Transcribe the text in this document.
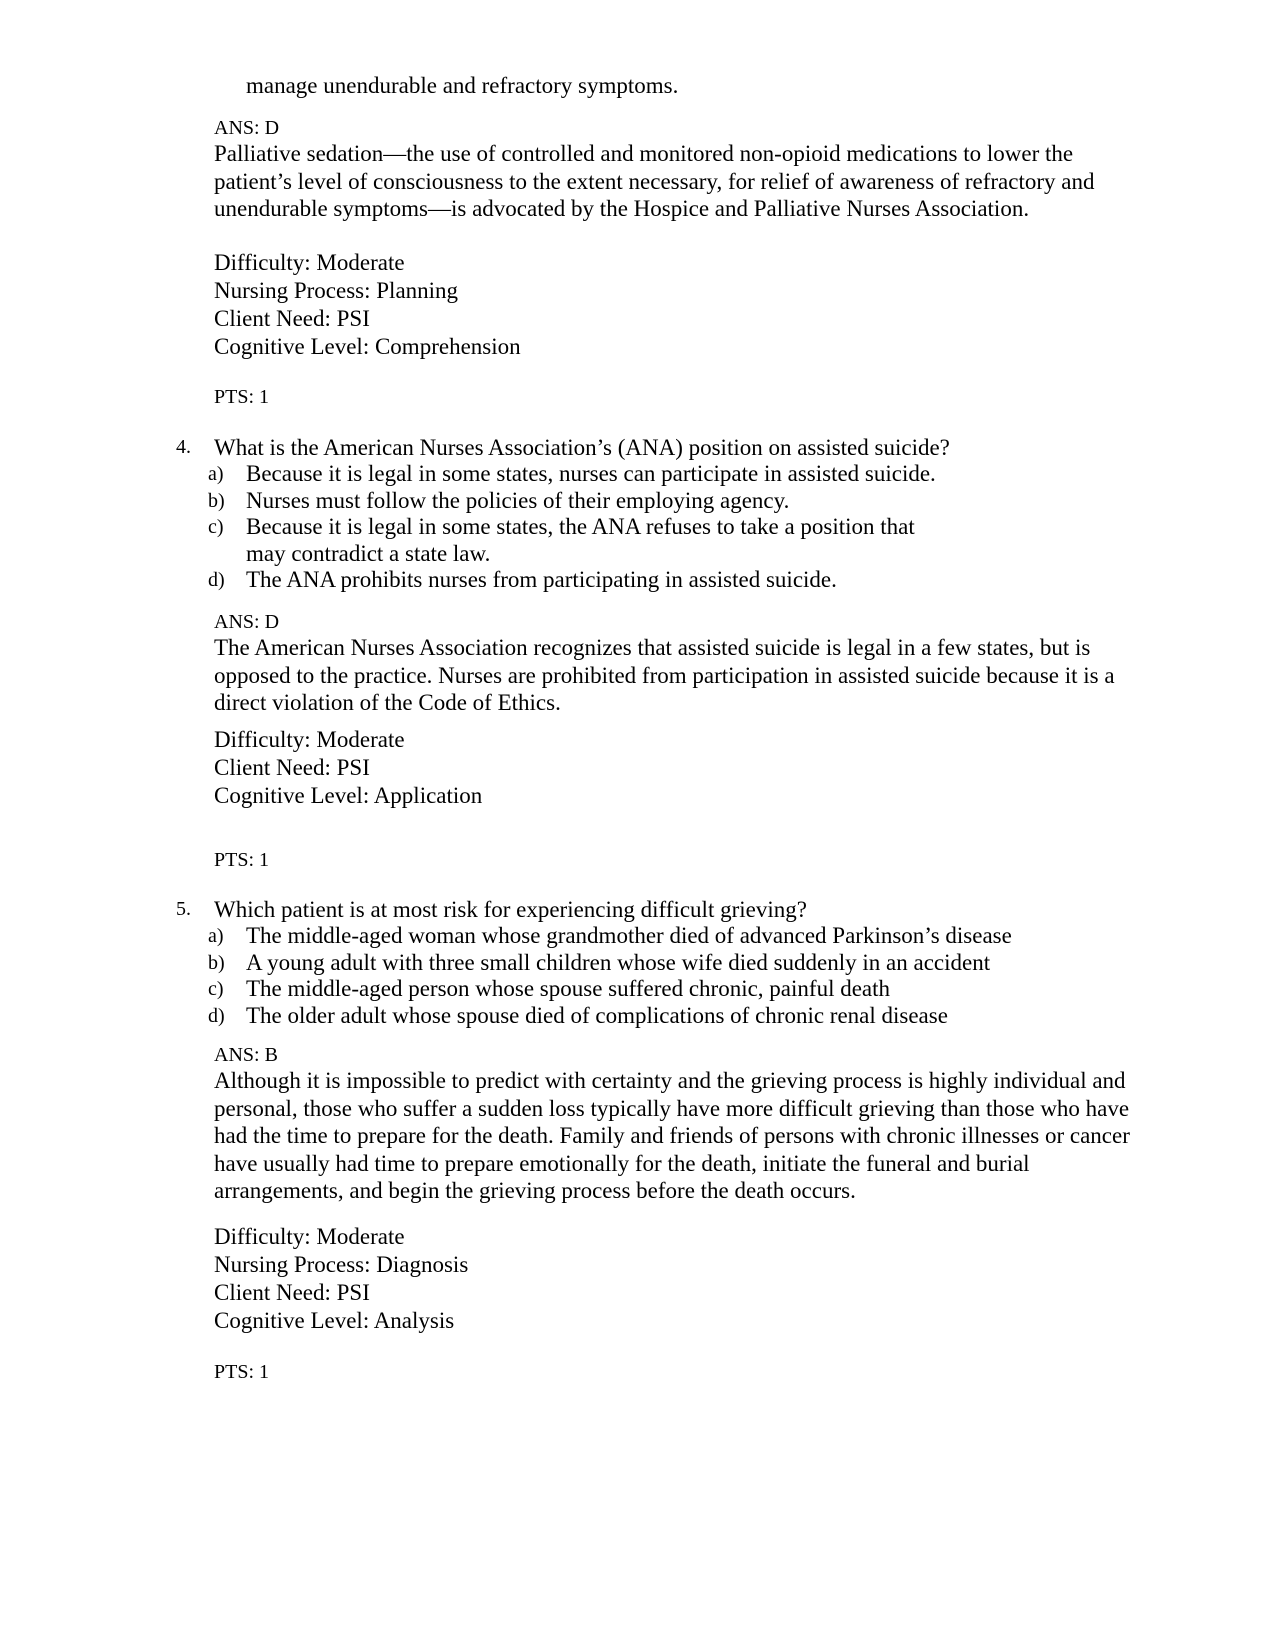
manage unendurable and refractory symptoms.
ANS: D

Palliative sedation—the use of controlled and monitored non-opioid medications to lower the patient’s level of consciousness to the extent necessary, for relief of awareness of refractory and unendurable symptoms—is advocated by the Hospice and Palliative Nurses Association.

Difficulty: Moderate
Nursing Process: Planning
Client Need: PSI
Cognitive Level: Comprehension
PTS: 1
4. What is the American Nurses Association’s (ANA) position on assisted suicide?
a) Because it is legal in some states, nurses can participate in assisted suicide.
b) Nurses must follow the policies of their employing agency.
c) Because it is legal in some states, the ANA refuses to take a position that may contradict a state law.
d) The ANA prohibits nurses from participating in assisted suicide.
ANS: D

The American Nurses Association recognizes that assisted suicide is legal in a few states, but is opposed to the practice. Nurses are prohibited from participation in assisted suicide because it is a direct violation of the Code of Ethics.

Difficulty: Moderate
Client Need: PSI
Cognitive Level: Application
PTS: 1
5. Which patient is at most risk for experiencing difficult grieving?
a) The middle-aged woman whose grandmother died of advanced Parkinson’s disease
b) A young adult with three small children whose wife died suddenly in an accident
c) The middle-aged person whose spouse suffered chronic, painful death
d) The older adult whose spouse died of complications of chronic renal disease
ANS: B

Although it is impossible to predict with certainty and the grieving process is highly individual and personal, those who suffer a sudden loss typically have more difficult grieving than those who have had the time to prepare for the death. Family and friends of persons with chronic illnesses or cancer have usually had time to prepare emotionally for the death, initiate the funeral and burial arrangements, and begin the grieving process before the death occurs.

Difficulty: Moderate
Nursing Process: Diagnosis
Client Need: PSI
Cognitive Level: Analysis
PTS: 1
